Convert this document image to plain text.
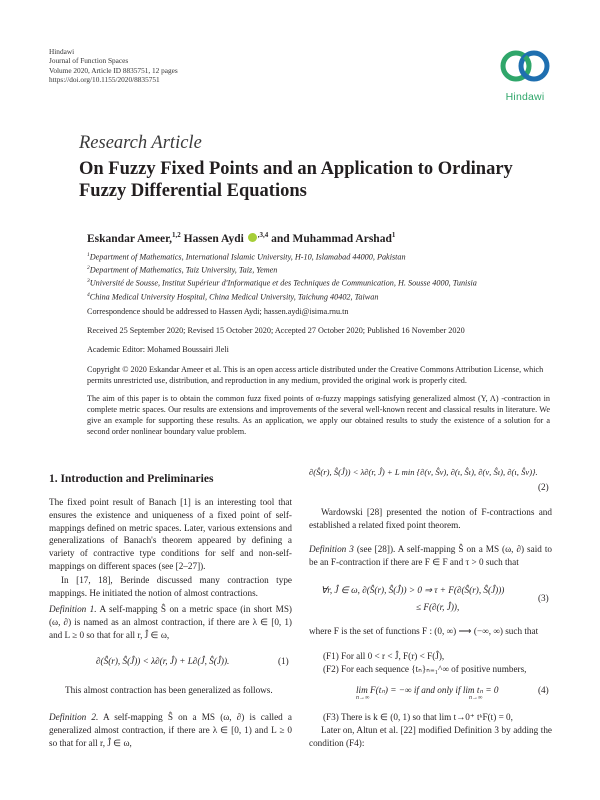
Hindawi
Journal of Function Spaces
Volume 2020, Article ID 8835751, 12 pages
https://doi.org/10.1155/2020/8835751
Hindawi
Research Article
On Fuzzy Fixed Points and an Application to Ordinary Fuzzy Differential Equations
Eskandar Ameer,$^{1,2}$ Hassen Aydi $^{,3,4}$ and Muhammad Arshad$^1$
$^1$Department of Mathematics, International Islamic University, H-10, Islamabad 44000, Pakistan
$^2$Department of Mathematics, Taiz University, Taiz, Yemen
$^3$Université de Sousse, Institut Supérieur d'Informatique et des Techniques de Communication, H. Sousse 4000, Tunisia
$^4$China Medical University Hospital, China Medical University, Taichung 40402, Taiwan
Correspondence should be addressed to Hassen Aydi; hassen.aydi@isima.rnu.tn
Received 25 September 2020; Revised 15 October 2020; Accepted 27 October 2020; Published 16 November 2020
Academic Editor: Mohamed Boussairi Jleli
Copyright © 2020 Eskandar Ameer et al. This is an open access article distributed under the Creative Commons Attribution License, which permits unrestricted use, distribution, and reproduction in any medium, provided the original work is properly cited.
The aim of this paper is to obtain the common fuzz fixed points of α-fuzzy mappings satisfying generalized almost (Υ, Λ) -contraction in complete metric spaces. Our results are extensions and improvements of the several well-known recent and classical results in literature. We give an example for supporting these results. As an application, we apply our obtained results to study the existence of a solution for a second order nonlinear boundary value problem.
1. Introduction and Preliminaries
The fixed point result of Banach [1] is an interesting tool that ensures the existence and uniqueness of a fixed point of self-mappings defined on metric spaces. Later, various extensions and generalizations of Banach's theorem appeared by defining a variety of contractive type conditions for self and non-self-mappings on different spaces (see [2–27]).
In [17, 18], Berinde discussed many contraction type mappings. He initiated the notion of almost contractions.
Definition 1. A self-mapping Ŝ on a metric space (in short MS) (ω, ∂) is named as an almost contraction, if there are λ ∈ [0, 1) and L ≥ 0 so that for all r, Ĵ ∈ ω,
∂(Ŝ(r), Ŝ(Ĵ)) < λ∂(r, Ĵ) + L∂(Ĵ, Ŝ(Ĵ)).	(1)
This almost contraction has been generalized as follows.
Definition 2. A self-mapping Ŝ on a MS (ω, ∂) is called a generalized almost contraction, if there are λ ∈ [0, 1) and L ≥ 0 so that for all r, Ĵ ∈ ω,
∂(Ŝ(r), Ŝ(Ĵ)) < λ∂(r, Ĵ) + L min {∂(ν, Ŝν), ∂(ι, Ŝι), ∂(ν, Ŝι), ∂(ι, Ŝν)}.
(2)
Wardowski [28] presented the notion of F-contractions and established a related fixed point theorem.
Definition 3 (see [28]). A self-mapping Ŝ on a MS (ω, ∂) said to be an F-contraction if there are F ∈ F and τ > 0 such that
∀r, Ĵ ∈ ω, ∂(Ŝ(r), Ŝ(Ĵ)) > 0 ⇒ τ + F(∂(Ŝ(r), Ŝ(Ĵ)))
≤ F(∂(r, Ĵ)),
(3)
where F is the set of functions F : (0, ∞) ⟶ (−∞, ∞) such that
(F1) For all 0 < r < Ĵ, F(r) < F(Ĵ),
(F2) For each sequence {tₙ}ₙ₌₁^∞ of positive numbers,
lim F(tₙ) = −∞ if and only if lim tₙ = 0
n→∞	n→∞
(4)
(F3) There is k ∈ (0, 1) so that lim t→0⁺ tᵏF(t) = 0,
Later on, Altun et al. [22] modified Definition 3 by adding the condition (F4):
